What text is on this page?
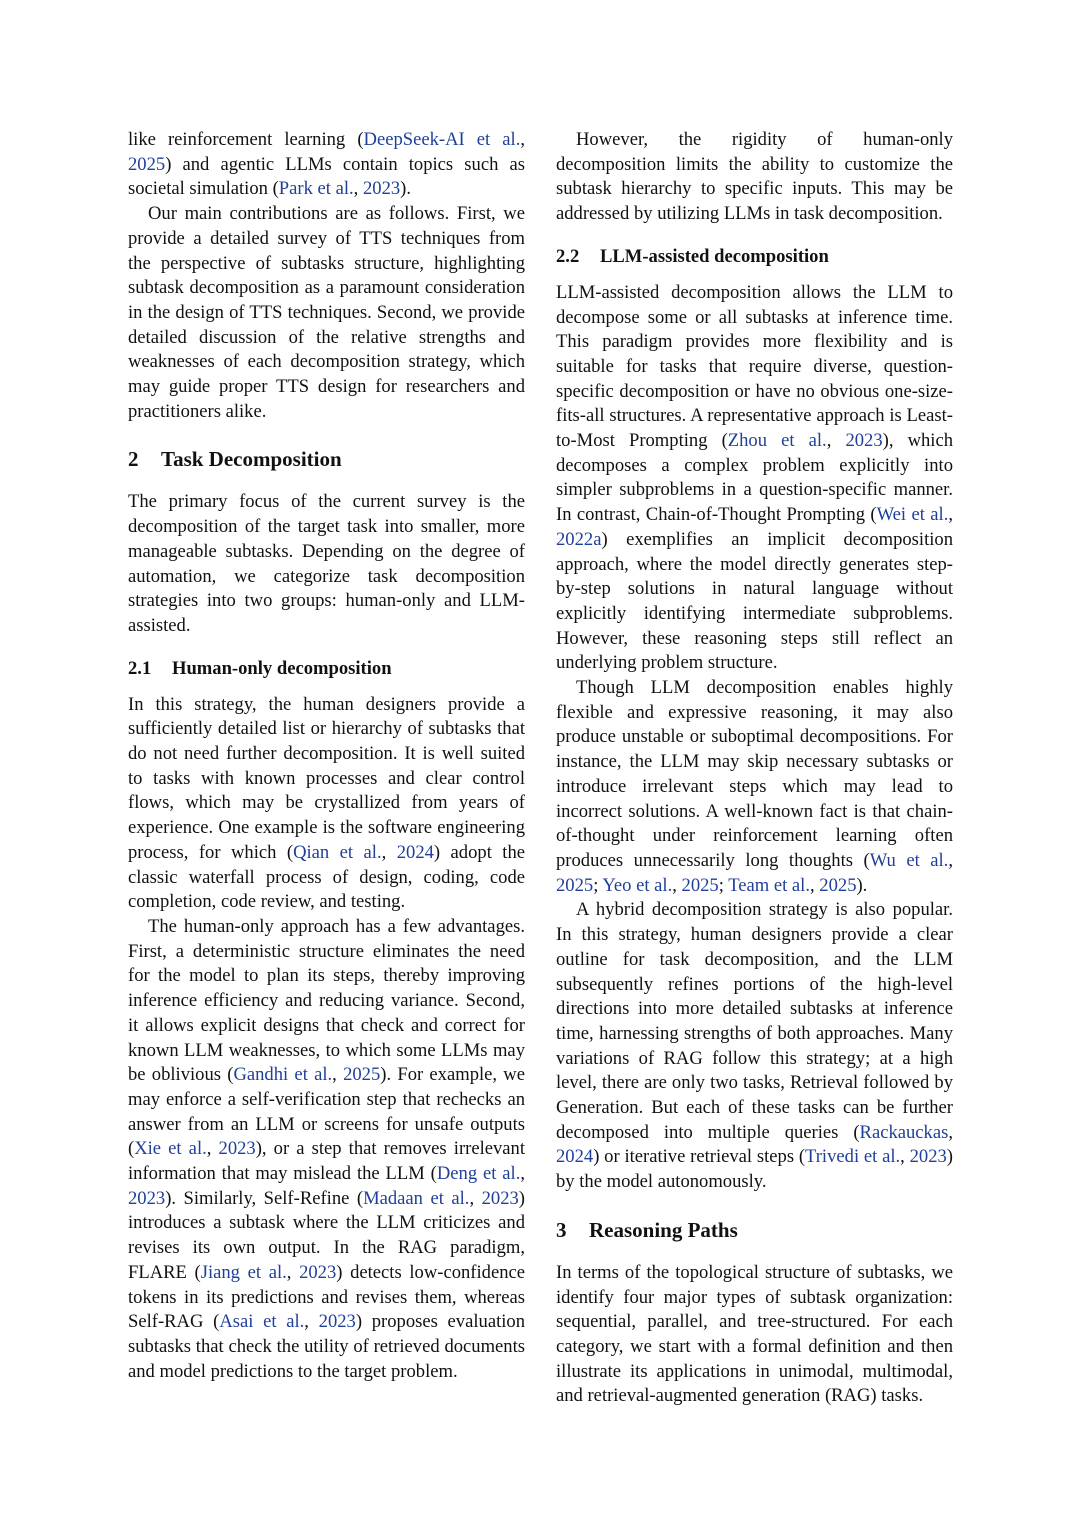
like reinforcement learning (DeepSeek-AI et al., 2025) and agentic LLMs contain topics such as societal simulation (Park et al., 2023).

Our main contributions are as follows. First, we provide a detailed survey of TTS techniques from the perspective of subtasks structure, highlighting subtask decomposition as a paramount consideration in the design of TTS techniques. Second, we provide detailed discussion of the relative strengths and weaknesses of each decomposition strategy, which may guide proper TTS design for researchers and practitioners alike.

2 Task Decomposition

The primary focus of the current survey is the decomposition of the target task into smaller, more manageable subtasks. Depending on the degree of automation, we categorize task decomposition strategies into two groups: human-only and LLM-assisted.

2.1 Human-only decomposition

In this strategy, the human designers provide a sufficiently detailed list or hierarchy of subtasks that do not need further decomposition. It is well suited to tasks with known processes and clear control flows, which may be crystallized from years of experience. One example is the software engineering process, for which (Qian et al., 2024) adopt the classic waterfall process of design, coding, code completion, code review, and testing.

The human-only approach has a few advantages. First, a deterministic structure eliminates the need for the model to plan its steps, thereby improving inference efficiency and reducing variance. Second, it allows explicit designs that check and correct for known LLM weaknesses, to which some LLMs may be oblivious (Gandhi et al., 2025). For example, we may enforce a self-verification step that rechecks an answer from an LLM or screens for unsafe outputs (Xie et al., 2023), or a step that removes irrelevant information that may mislead the LLM (Deng et al., 2023). Similarly, Self-Refine (Madaan et al., 2023) introduces a subtask where the LLM criticizes and revises its own output. In the RAG paradigm, FLARE (Jiang et al., 2023) detects low-confidence tokens in its predictions and revises them, whereas Self-RAG (Asai et al., 2023) proposes evaluation subtasks that check the utility of retrieved documents and model predictions to the target problem.

However, the rigidity of human-only decomposition limits the ability to customize the subtask hierarchy to specific inputs. This may be addressed by utilizing LLMs in task decomposition.

2.2 LLM-assisted decomposition

LLM-assisted decomposition allows the LLM to decompose some or all subtasks at inference time. This paradigm provides more flexibility and is suitable for tasks that require diverse, question-specific decomposition or have no obvious one-size-fits-all structures. A representative approach is Least-to-Most Prompting (Zhou et al., 2023), which decomposes a complex problem explicitly into simpler subproblems in a question-specific manner. In contrast, Chain-of-Thought Prompting (Wei et al., 2022a) exemplifies an implicit decomposition approach, where the model directly generates step-by-step solutions in natural language without explicitly identifying intermediate subproblems. However, these reasoning steps still reflect an underlying problem structure.

Though LLM decomposition enables highly flexible and expressive reasoning, it may also produce unstable or suboptimal decompositions. For instance, the LLM may skip necessary subtasks or introduce irrelevant steps which may lead to incorrect solutions. A well-known fact is that chain-of-thought under reinforcement learning often produces unnecessarily long thoughts (Wu et al., 2025; Yeo et al., 2025; Team et al., 2025).

A hybrid decomposition strategy is also popular. In this strategy, human designers provide a clear outline for task decomposition, and the LLM subsequently refines portions of the high-level directions into more detailed subtasks at inference time, harnessing strengths of both approaches. Many variations of RAG follow this strategy; at a high level, there are only two tasks, Retrieval followed by Generation. But each of these tasks can be further decomposed into multiple queries (Rackauckas, 2024) or iterative retrieval steps (Trivedi et al., 2023) by the model autonomously.

3 Reasoning Paths

In terms of the topological structure of subtasks, we identify four major types of subtask organization: sequential, parallel, and tree-structured. For each category, we start with a formal definition and then illustrate its applications in unimodal, multimodal, and retrieval-augmented generation (RAG) tasks.
